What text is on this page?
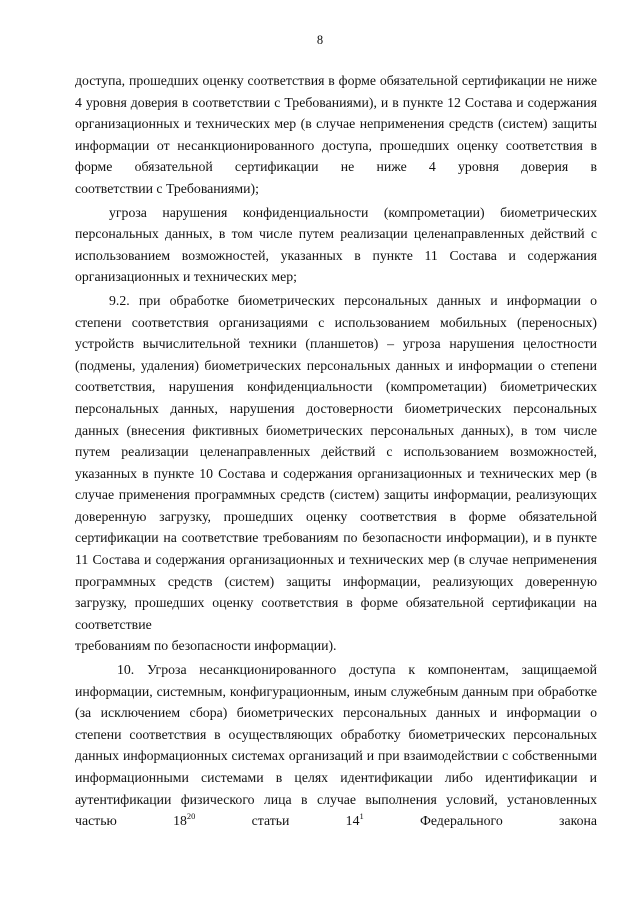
8

доступа, прошедших оценку соответствия в форме обязательной сертификации не ниже 4 уровня доверия в соответствии с Требованиями), и в пункте 12 Состава и содержания организационных и технических мер (в случае неприменения средств (систем) защиты информации от несанкционированного доступа, прошедших оценку соответствия в форме обязательной сертификации не ниже 4 уровня доверия в

соответствии с Требованиями);

угроза нарушения конфиденциальности (компрометации) биометрических персональных данных, в том числе путем реализации целенаправленных действий с использованием возможностей, указанных в пункте 11 Состава и содержания

организационных и технических мер;

9.2. при обработке биометрических персональных данных и информации о степени соответствия организациями с использованием мобильных (переносных) устройств вычислительной техники (планшетов) – угроза нарушения целостности (подмены, удаления) биометрических персональных данных и информации о степени соответствия, нарушения конфиденциальности (компрометации) биометрических персональных данных, нарушения достоверности биометрических персональных данных (внесения фиктивных биометрических персональных данных), в том числе путем реализации целенаправленных действий с использованием возможностей, указанных в пункте 10 Состава и содержания организационных и технических мер (в случае применения программных средств (систем) защиты информации, реализующих доверенную загрузку, прошедших оценку соответствия в форме обязательной сертификации на соответствие требованиям по безопасности информации), и в пункте 11 Состава и содержания организационных и технических мер (в случае неприменения программных средств (систем) защиты информации, реализующих доверенную загрузку, прошедших оценку соответствия в форме обязательной сертификации на соответствие

требованиям по безопасности информации).

10. Угроза несанкционированного доступа к компонентам, защищаемой информации, системным, конфигурационным, иным служебным данным при обработке (за исключением сбора) биометрических персональных данных и информации о степени соответствия в осуществляющих обработку биометрических персональных данных информационных системах организаций и при взаимодействии с собственными информационными системами в целях идентификации либо идентификации и аутентификации физического лица в случае выполнения условий, установленных частью	$18^{20}$	статьи	$14^1$	Федерального	закона
